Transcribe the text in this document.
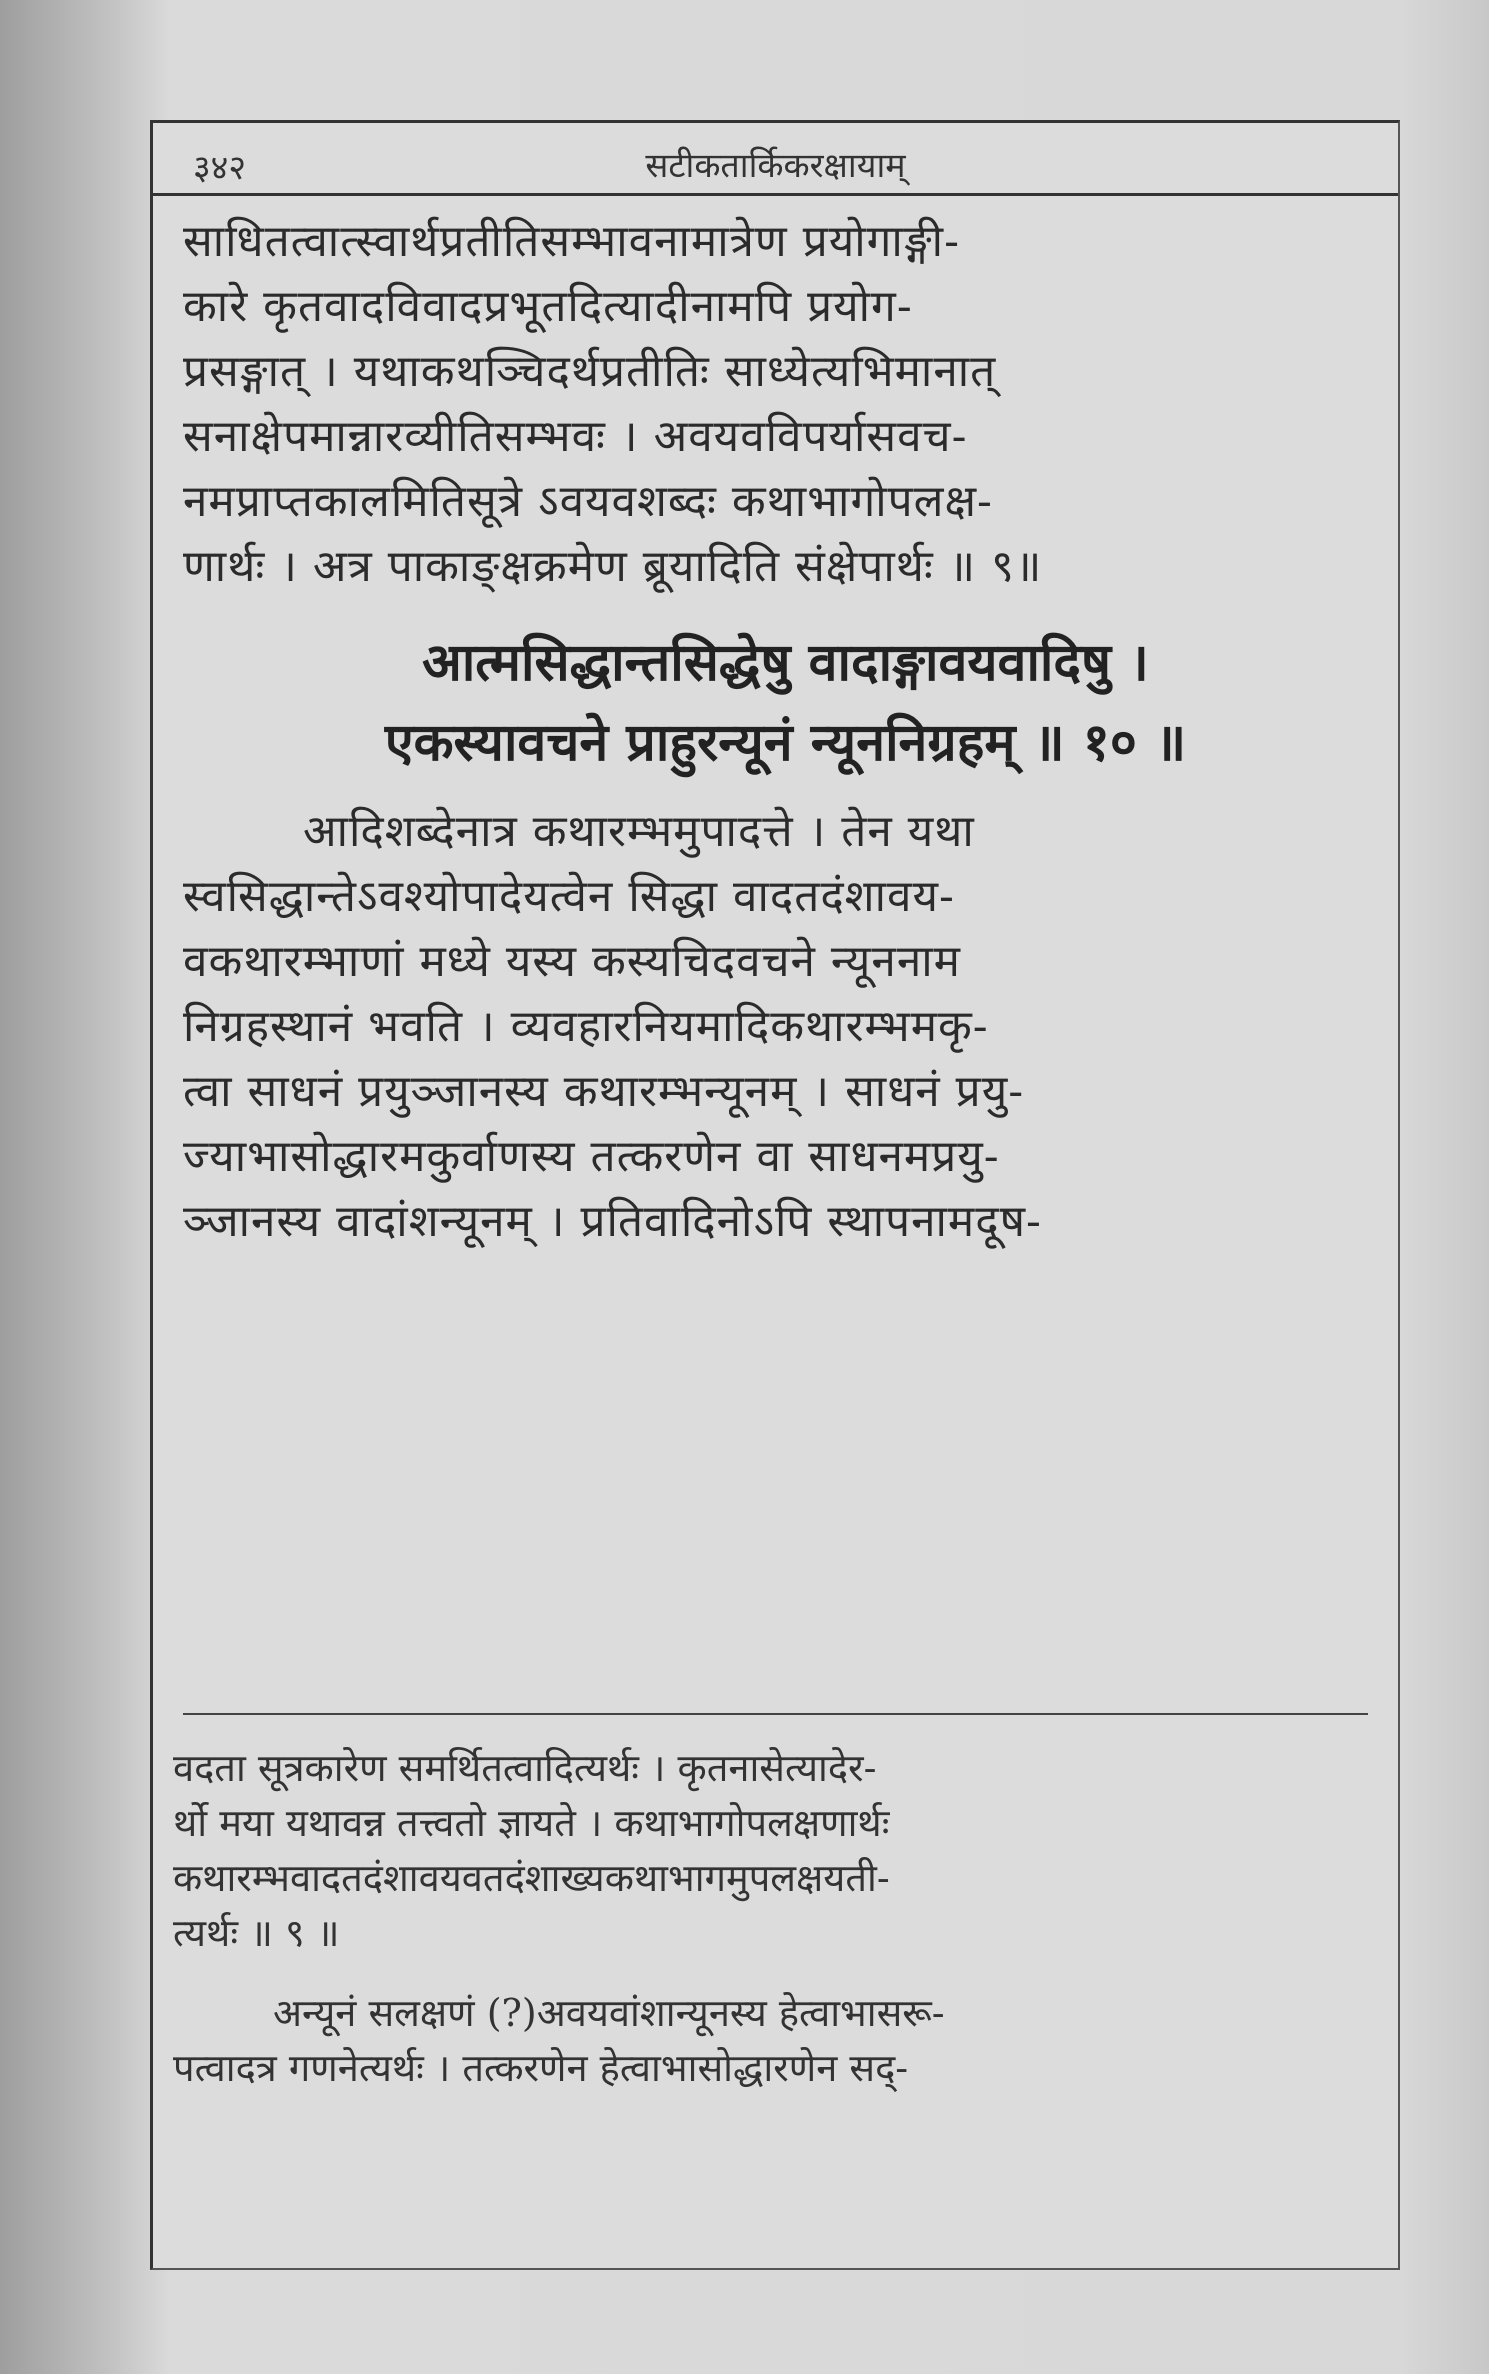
३४२	सटीकतार्किकरक्षायाम्
साधितत्वात्स्वार्थप्रतीतिसम्भावनामात्रेण प्रयोगाङ्गी-
कारे कृतवादविवादप्रभूतदित्यादीनामपि प्रयोग-
प्रसङ्गात् । यथाकथञ्चिदर्थप्रतीतिः साध्येत्यभिमानात्
सनाक्षेपमान्नारव्यीतिसम्भवः । अवयवविपर्यासवच-
नमप्राप्तकालमितिसूत्रे ऽवयवशब्दः कथाभागोपलक्ष-
णार्थः । अत्र पाकाङ्क्षक्रमेण ब्रूयादिति संक्षेपार्थः ॥ ९॥
आत्मसिद्धान्तसिद्धेषु वादाङ्गावयवादिषु ।
एकस्यावचने प्राहुरन्यूनं न्यूननिग्रहम् ॥ १० ॥
आदिशब्देनात्र कथारम्भमुपादत्ते । तेन यथा
स्वसिद्धान्तेऽवश्योपादेयत्वेन सिद्धा वादतदंशावय-
वकथारम्भाणां मध्ये यस्य कस्यचिदवचने न्यूननाम
निग्रहस्थानं भवति । व्यवहारनियमादिकथारम्भमकृ-
त्वा साधनं प्रयुञ्जानस्य कथारम्भन्यूनम् । साधनं प्रयु-
ज्याभासोद्धारमकुर्वाणस्य तत्करणेन वा साधनमप्रयु-
ञ्जानस्य वादांशन्यूनम् । प्रतिवादिनोऽपि स्थापनामदूष-
वदता सूत्रकारेण समर्थितत्वादित्यर्थः । कृतनासेत्यादेर-
र्थो मया यथावन्न तत्त्वतो ज्ञायते । कथाभागोपलक्षणार्थः
कथारम्भवादतदंशावयवतदंशाख्यकथाभागमुपलक्षयती-
त्यर्थः ॥ ९ ॥
अन्यूनं सलक्षणं (?)अवयवांशान्यूनस्य हेत्वाभासरू-
पत्वादत्र गणनेत्यर्थः । तत्करणेन हेत्वाभासोद्धारणेन सद्-
